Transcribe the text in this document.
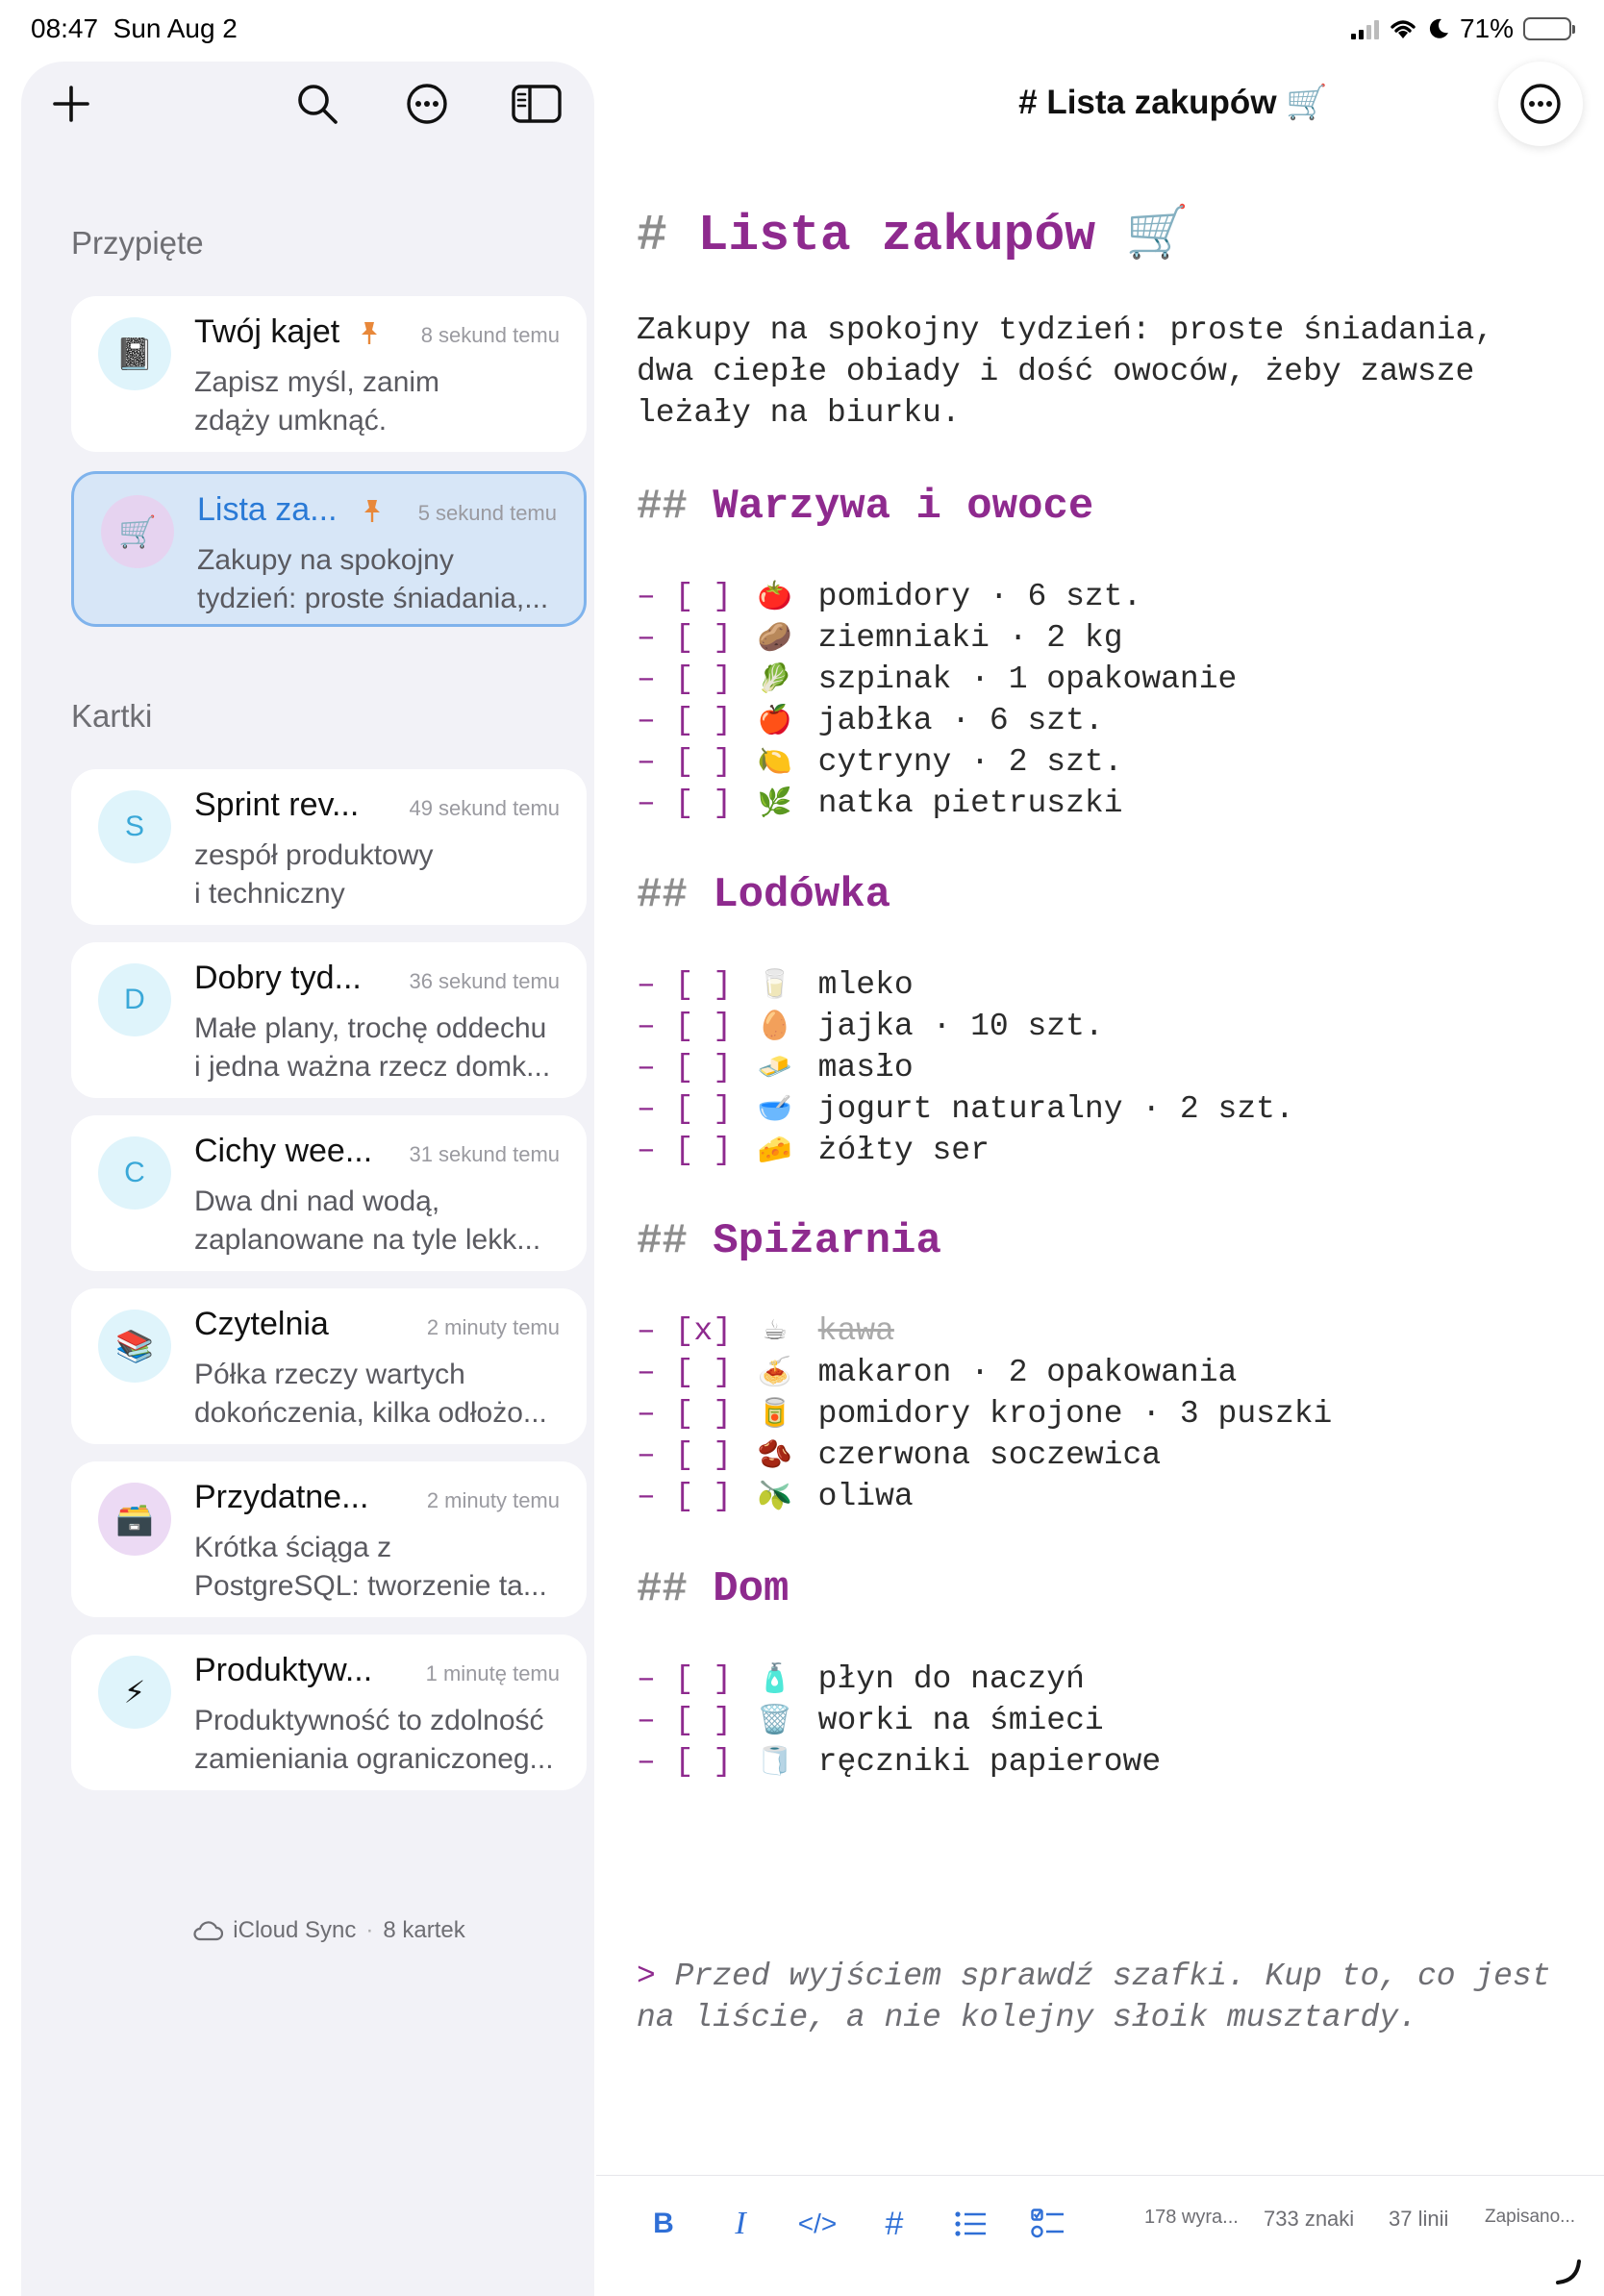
08:47 Sun Aug 2	71%
Przypięte
Kartki
📓
Twój kajet	8 sekund temu
Zapisz myśl, zanim
zdąży umknąć.
🛒
Lista za...	5 sekund temu
Zakupy na spokojny
tydzień: proste śniadania,...
S
Sprint rev... 49 sekund temu
zespół produktowy
i techniczny
D
Dobry tyd... 36 sekund temu
Małe plany, trochę oddechu
i jedna ważna rzecz domk...
C
Cichy wee... 31 sekund temu
Dwa dni nad wodą,
zaplanowane na tyle lekk...
📚
Czytelnia	2 minuty temu
Półka rzeczy wartych
dokończenia, kilka odłożo...
🗃️
Przydatne...	2 minuty temu
Krótka ściąga z
PostgreSQL: tworzenie ta...
⚡
Produktyw...	1 minutę temu
Produktywność to zdolność
zamieniania ograniczoneg...
iCloud Sync · 8 kartek
# Lista zakupów 🛒
# Lista zakupów 🛒
Zakupy na spokojny tydzień: proste śniadania,
dwa ciepłe obiady i dość owoców, żeby zawsze
leżały na biurku.
## Warzywa i owoce
– [ ] 🍅 pomidory · 6 szt.
– [ ] 🥔 ziemniaki · 2 kg
– [ ] 🥬 szpinak · 1 opakowanie
– [ ] 🍎 jabłka · 6 szt.
– [ ] 🍋 cytryny · 2 szt.
– [ ] 🌿 natka pietruszki
## Lodówka
– [ ] 🥛 mleko
– [ ] 🥚 jajka · 10 szt.
– [ ] 🧈 masło
– [ ] 🥣 jogurt naturalny · 2 szt.
– [ ] 🧀 żółty ser
## Spiżarnia
– [x] ☕ kawa
– [ ] 🍝 makaron · 2 opakowania
– [ ] 🥫 pomidory krojone · 3 puszki
– [ ] 🫘 czerwona soczewica
– [ ] 🫒 oliwa
## Dom
– [ ] 🧴 płyn do naczyń
– [ ] 🗑️ worki na śmieci
– [ ] 🧻 ręczniki papierowe
> Przed wyjściem sprawdź szafki. Kup to, co jest
na liście, a nie kolejny słoik musztardy.
B	I	</>	#	178 wyra... 733 znaki 37 linii Zapisano...
